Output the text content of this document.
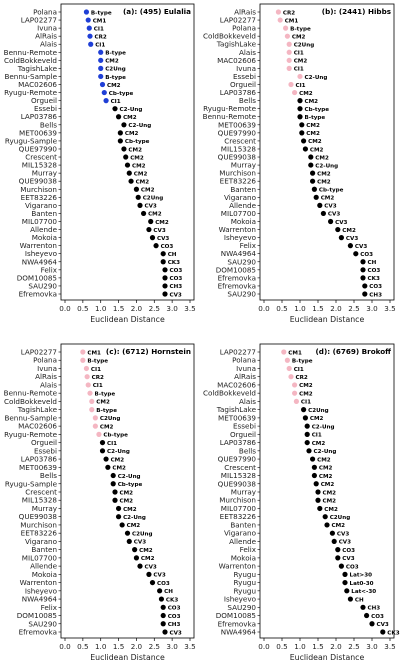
(a): (495) Eulalia
0.0 0.5 1.0 1.5 2.0 2.5 3.0 3.5
Euclidean Distance
Polana	B-type
LAP02277	CM1
Ivuna	CI1
AlRais	CR2
Alais	CI1
Bennu-Remote	B-type
ColdBokkeveld	CM2
TagishLake	C2Ung
Bennu-Sample	B-type
MAC02606	CM2
Ryugu-Remote	Cb-type
Orgueil	CI1
Essebi	C2-Ung
LAP03786	CM2
Bells	C2-Ung
MET00639	CM2
Ryugu-Sample	Cb-type
QUE97990	CM2
Crescent	CM2
MIL15328	CM2
Murray	CM2
QUE99038	CM2
Murchison	CM2
EET83226	C2Ung
Vigarano	CV3
Banten	CM2
MIL07700	CM2
Allende	CV3
Mokoia	CV3
Warrenton	CO3
Isheyevo	CH
NWA4964	CK3
Felix	CO3
DOM10085	CO3
SAU290	CH3
Efremovka	CV3
(b): (2441) Hibbs
0.0 0.5 1.0 1.5 2.0 2.5 3.0 3.5
Euclidean Distance
AlRais	CR2
LAP02277	CM1
Polana	B-type
ColdBokkeveld	CM2
TagishLake	C2Ung
Alais	CI1
MAC02606	CM2
Ivuna	CI1
Essebi	C2-Ung
Orgueil	CI1
LAP03786	CM2
Bells	CM2
Ryugu-Remote	Cb-type
Bennu-Remote	B-type
MET00639	CM2
QUE97990	CM2
Crescent	CM2
MIL15328	CM2
QUE99038	CM2
Murray	C2-Ung
Murchison	CM2
EET83226	CM2
Banten	Cb-type
Vigarano	CM2
Allende	CV3
MIL07700	CV3
Mokoia	CV3
Warrenton	CM2
Isheyevo	CV3
Felix	CV3
NWA4964	CO3
SAU290	CH
DOM10085	CO3
Efremovka	CK3
Efremovka	CO3
SAU290	CH3
(c): (6712) Hornstein
0.0 0.5 1.0 1.5 2.0 2.5 3.0 3.5
Euclidean Distance
LAP02277	CM1
Polana	B-type
Ivuna	CI1
AlRais	CR2
Alais	CI1
Bennu-Remote	B-type
ColdBokkeveld	CM2
TagishLake	B-type
Bennu-Sample	C2Ung
MAC02606	CM2
Ryugu-Remote	Cb-type
Orgueil	CI1
Essebi	C2-Ung
LAP03786	CM2
MET00639	CM2
Bells	C2-Ung
Ryugu-Sample	Cb-type
Crescent	CM2
MIL15328	CM2
Murray	CM2
QUE99038	C2-Ung
Murchison	CM2
EET83226	C2Ung
Vigarano	CV3
Banten	CM2
MIL07700	CM2
Allende	CV3
Mokoia	CV3
Warrenton	CO3
Isheyevo	CH
NWA4964	CK3
Felix	CO3
DOM10085	CO3
SAU290	CH3
Efremovka	CV3
(d): (6769) Brokoff
0.0 0.5 1.0 1.5 2.0 2.5 3.0 3.5
Euclidean Distance
LAP02277	CM1
Polana	B-type
Ivuna	CI1
AlRais	CR2
MAC02606	CM2
ColdBokkeveld	CM2
Alais	CI1
TagishLake	C2Ung
MET00639	CM2
Essebi	C2-Ung
Orgueil	CI1
LAP03786	CM2
Bells	C2-Ung
QUE97990	CM2
Crescent	CM2
MIL15328	CM2
QUE99038	CM2
Murray	CM2
Murchison	CM2
MIL07700	CM2
EET83226	C2Ung
Banten	CM2
Vigarano	CV3
Allende	CV3
Felix	CO3
Mokoia	CV3
Warrenton	CO3
Ryugu	Lat>30
Ryugu	Lat0-30
Ryugu	Lat<-30
Isheyevo	CH
SAU290	CH3
DOM10085	CO3
Efremovka	CV3
NWA4964	CK3
